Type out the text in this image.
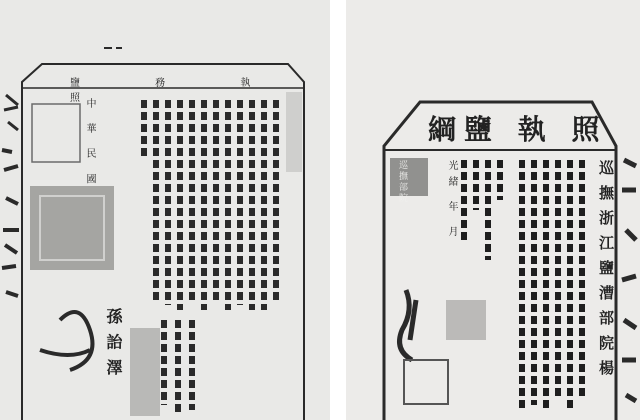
鹽 務 執 照
中 華 民 國
孫 詒 澤
綱鹽 執 照
巡撫浙江鹽漕部院楊
巡撫部院	光緒 年 月
